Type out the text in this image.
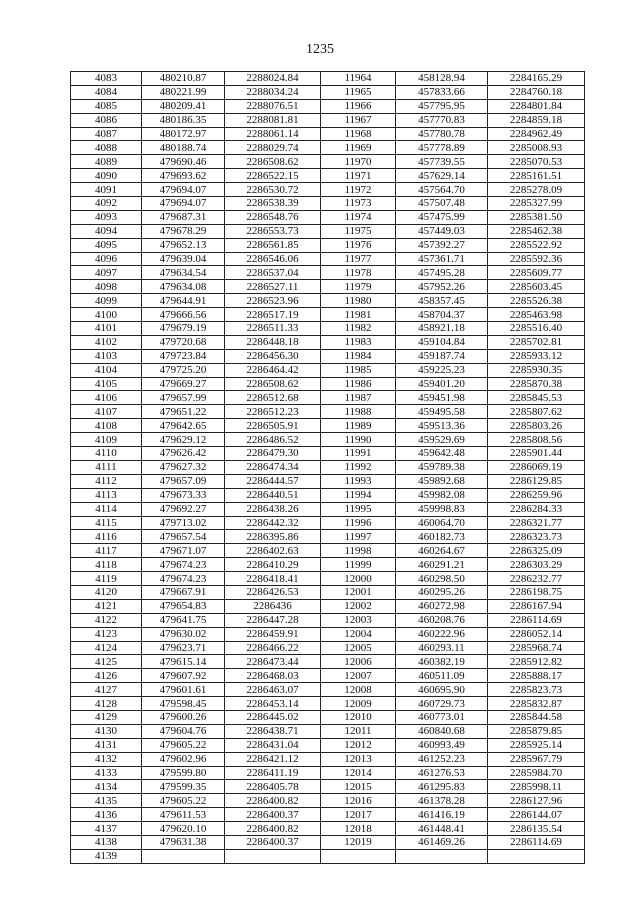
1235
4083	480210.87	2288024.84	11964	458128.94	2284165.29
4084	480221.99	2288034.24	11965	457833.66	2284760.18
4085	480209.41	2288076.51	11966	457795.95	2284801.84
4086	480186.35	2288081.81	11967	457770.83	2284859.18
4087	480172.97	2288061.14	11968	457780.78	2284962.49
4088	480188.74	2288029.74	11969	457778.89	2285008.93
4089	479690.46	2286508.62	11970	457739.55	2285070.53
4090	479693.62	2286522.15	11971	457629.14	2285161.51
4091	479694.07	2286530.72	11972	457564.70	2285278.09
4092	479694.07	2286538.39	11973	457507.48	2285327.99
4093	479687.31	2286548.76	11974	457475.99	2285381.50
4094	479678.29	2286553.73	11975	457449.03	2285462.38
4095	479652.13	2286561.85	11976	457392.27	2285522.92
4096	479639.04	2286546.06	11977	457361.71	2285592.36
4097	479634.54	2286537.04	11978	457495.28	2285609.77
4098	479634.08	2286527.11	11979	457952.26	2285603.45
4099	479644.91	2286523.96	11980	458357.45	2285526.38
4100	479666.56	2286517.19	11981	458704.37	2285463.98
4101	479679.19	2286511.33	11982	458921.18	2285516.40
4102	479720.68	2286448.18	11983	459104.84	2285702.81
4103	479723.84	2286456.30	11984	459187.74	2285933.12
4104	479725.20	2286464.42	11985	459225.23	2285930.35
4105	479669.27	2286508.62	11986	459401.20	2285870.38
4106	479657.99	2286512.68	11987	459451.98	2285845.53
4107	479651.22	2286512.23	11988	459495.58	2285807.62
4108	479642.65	2286505.91	11989	459513.36	2285803.26
4109	479629.12	2286486.52	11990	459529.69	2285808.56
4110	479626.42	2286479.30	11991	459642.48	2285901.44
4111	479627.32	2286474.34	11992	459789.38	2286069.19
4112	479657.09	2286444.57	11993	459892.68	2286129.85
4113	479673.33	2286440.51	11994	459982.08	2286259.96
4114	479692.27	2286438.26	11995	459998.83	2286284.33
4115	479713.02	2286442.32	11996	460064.70	2286321.77
4116	479657.54	2286395.86	11997	460182.73	2286323.73
4117	479671.07	2286402.63	11998	460264.67	2286325.09
4118	479674.23	2286410.29	11999	460291.21	2286303.29
4119	479674.23	2286418.41	12000	460298.50	2286232.77
4120	479667.91	2286426.53	12001	460295.26	2286198.75
4121	479654.83	2286436	12002	460272.98	2286167.94
4122	479641.75	2286447.28	12003	460208.76	2286114.69
4123	479630.02	2286459.91	12004	460222.96	2286052.14
4124	479623.71	2286466.22	12005	460293.11	2285968.74
4125	479615.14	2286473.44	12006	460382.19	2285912.82
4126	479607.92	2286468.03	12007	460511.09	2285888.17
4127	479601.61	2286463.07	12008	460695.90	2285823.73
4128	479598.45	2286453.14	12009	460729.73	2285832.87
4129	479600.26	2286445.02	12010	460773.01	2285844.58
4130	479604.76	2286438.71	12011	460840.68	2285879.85
4131	479605.22	2286431.04	12012	460993.49	2285925.14
4132	479602.96	2286421.12	12013	461252.23	2285967.79
4133	479599.80	2286411.19	12014	461276.53	2285984.70
4134	479599.35	2286405.78	12015	461295.83	2285998.11
4135	479605.22	2286400.82	12016	461378.28	2286127.96
4136	479611.53	2286400.37	12017	461416.19	2286144.07
4137	479620.10	2286400.82	12018	461448.41	2286135.54
4138	479631.38	2286400.37	12019	461469.26	2286114.69
4139					
